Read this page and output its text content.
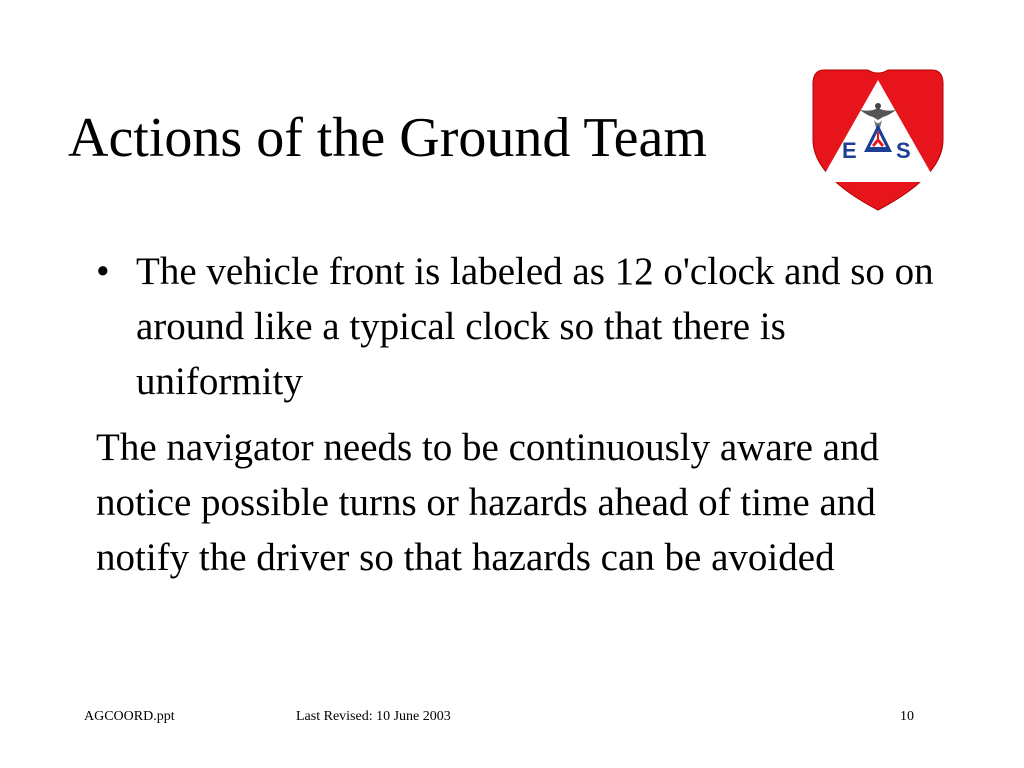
Actions of the Ground Team	E S
• The vehicle front is labeled as 12 o'clock and so on around like a typical clock so that there is uniformity

The navigator needs to be continuously aware and notice possible turns or hazards ahead of time and notify the driver so that hazards can be avoided

AGCOORD.ppt	Last Revised: 10 June 2003	10
